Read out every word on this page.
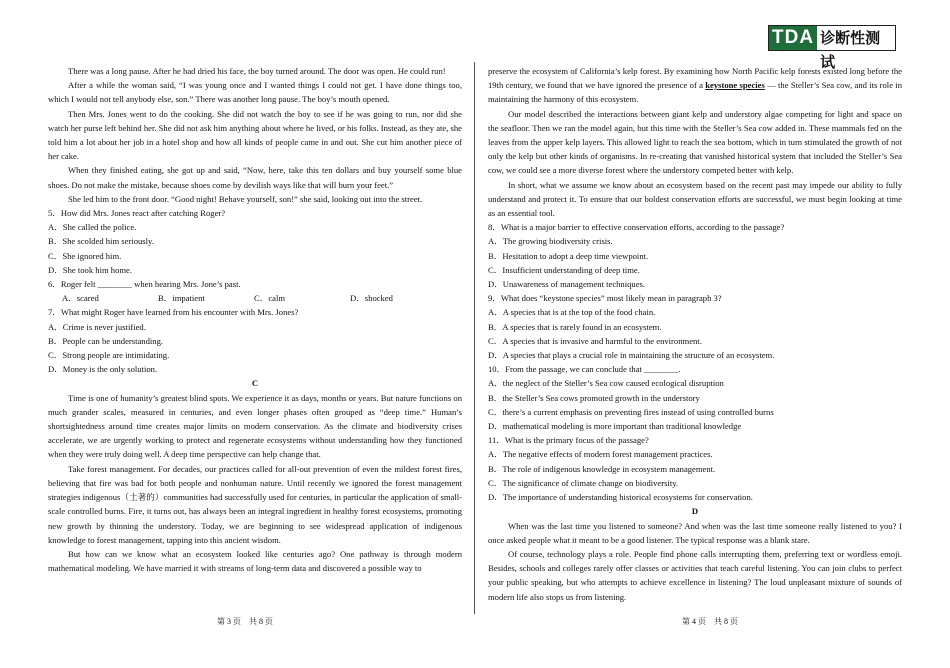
TDA 诊断性测试

There was a long pause. After he had dried his face, the boy turned around. The door was open. He could run!

After a while the woman said, “I was young once and I wanted things I could not get. I have done things too, which I would not tell anybody else, son.” There was another long pause. The boy’s mouth opened.

Then Mrs. Jones went to do the cooking. She did not watch the boy to see if he was going to run, nor did she watch her purse left behind her. She did not ask him anything about where he lived, or his folks. Instead, as they ate, she told him a lot about her job in a hotel shop and how all kinds of people came in and out. She cut him another piece of her cake.

When they finished eating, she got up and said, “Now, here, take this ten dollars and buy yourself some blue shoes. Do not make the mistake, because shoes come by devilish ways like that will burn your feet.”

She led him to the front door. “Good night! Behave yourself, son!” she said, looking out into the street.

5．How did Mrs. Jones react after catching Roger?

A．She called the police.

B．She scolded him seriously.

C．She ignored him.

D．She took him home.

6．Roger felt ________ when hearing Mrs. Jone’s past.

A．scared	B．impatient	C．calm	D．shocked

7．What might Roger have learned from his encounter with Mrs. Jones?

A．Crime is never justified.

B．People can be understanding.

C．Strong people are intimidating.

D．Money is the only solution.

C

Time is one of humanity’s greatest blind spots. We experience it as days, months or years. But nature functions on much grander scales, measured in centuries, and even longer phases often grouped as “deep time.” Human’s shortsightedness around time creates major limits on modern conservation. As the climate and biodiversity crises accelerate, we are urgently working to protect and regenerate ecosystems without understanding how they functioned when they were truly doing well. A deep time perspective can help change that.

Take forest management. For decades, our practices called for all-out prevention of even the mildest forest fires, believing that fire was bad for both people and nonhuman nature. Until recently we ignored the forest management strategies indigenous（土著的）communities had successfully used for centuries, in particular the application of small-scale controlled burns. Fire, it turns out, has always been an integral ingredient in healthy forest ecosystems, promoting new growth by thinning the understory. Today, we are beginning to see widespread application of indigenous knowledge to forest management, tapping into this ancient wisdom.

But how can we know what an ecosystem looked like centuries ago? One pathway is through modern mathematical modeling. We have married it with streams of long-term data and discovered a possible way to

preserve the ecosystem of California’s kelp forest. By examining how North Pacific kelp forests existed long before the 19th century, we found that we have ignored the presence of a keystone species — the Steller’s Sea cow, and its role in maintaining the harmony of this ecosystem.

Our model described the interactions between giant kelp and understory algae competing for light and space on the seafloor. Then we ran the model again, but this time with the Steller’s Sea cow added in. These mammals fed on the leaves from the upper kelp layers. This allowed light to reach the sea bottom, which in turn stimulated the growth of not only the kelp but other kinds of organisms. In re-creating that vanished historical system that included the Steller’s Sea cow, we could see a more diverse forest where the understory competed better with kelp.

In short, what we assume we know about an ecosystem based on the recent past may impede our ability to fully understand and protect it. To ensure that our boldest conservation efforts are successful, we must begin looking at time as an essential tool.

8．What is a major barrier to effective conservation efforts, according to the passage?

A．The growing biodiversity crisis.

B．Hesitation to adopt a deep time viewpoint.

C．Insufficient understanding of deep time.

D．Unawareness of management techniques.

9．What does “keystone species” most likely mean in paragraph 3?

A．A species that is at the top of the food chain.

B．A species that is rarely found in an ecosystem.

C．A species that is invasive and harmful to the environment.

D．A species that plays a crucial role in maintaining the structure of an ecosystem.

10．From the passage, we can conclude that ________.

A．the neglect of the Steller’s Sea cow caused ecological disruption

B．the Steller’s Sea cows promoted growth in the understory

C．there’s a current emphasis on preventing fires instead of using controlled burns

D．mathematical modeling is more important than traditional knowledge

11．What is the primary focus of the passage?

A．The negative effects of modern forest management practices.

B．The role of indigenous knowledge in ecosystem management.

C．The significance of climate change on biodiversity.

D．The importance of understanding historical ecosystems for conservation.

D

When was the last time you listened to someone? And when was the last time someone really listened to you? I once asked people what it meant to be a good listener. The typical response was a blank stare.

Of course, technology plays a role. People find phone calls interrupting them, preferring text or wordless emoji. Besides, schools and colleges rarely offer classes or activities that teach careful listening. You can join clubs to perfect your public speaking, but who attempts to achieve excellence in listening? The loud unpleasant mixture of sounds of modern life also stops us from listening.

第 3 页　共 8 页	第 4 页　共 8 页
